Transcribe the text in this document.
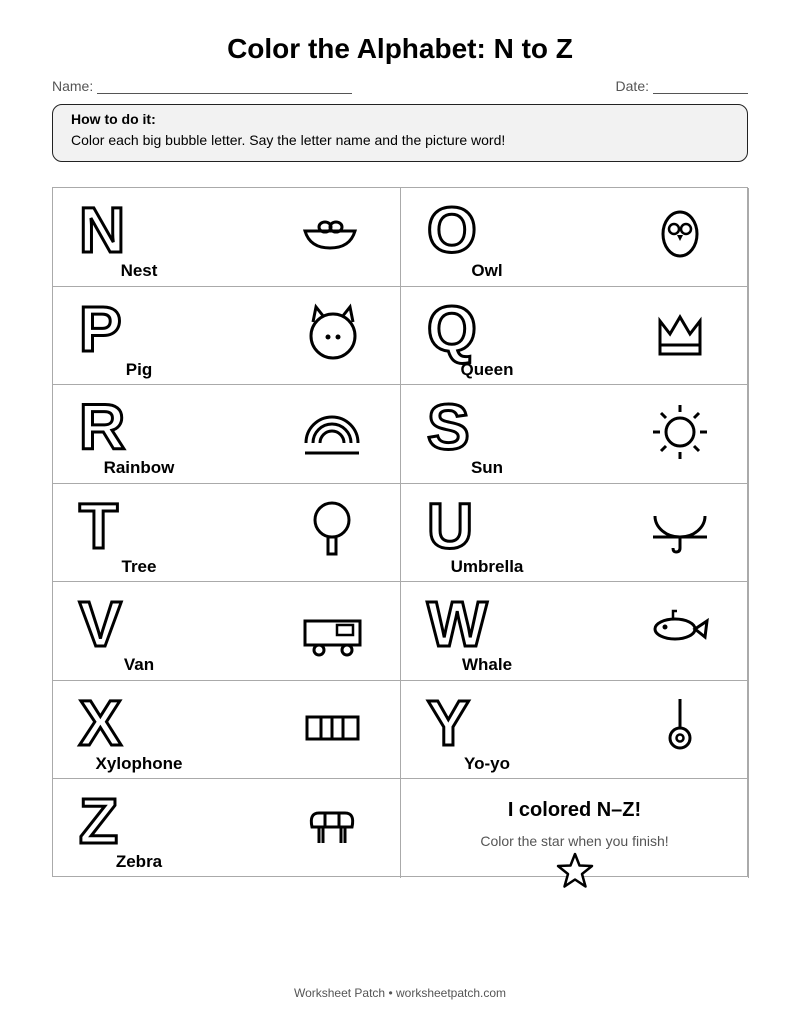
Color the Alphabet: N to Z
Name:	Date:
How to do it:
Color each big bubble letter. Say the letter name and the picture word!
N
Nest
O
Owl
P
Pig
Q
Queen
R
Rainbow
S
Sun
T
Tree
U
Umbrella
V
Van
W
Whale
X
Xylophone
Y
Yo-yo
Z
Zebra
I colored N–Z!
Color the star when you finish!
Worksheet Patch • worksheetpatch.com
